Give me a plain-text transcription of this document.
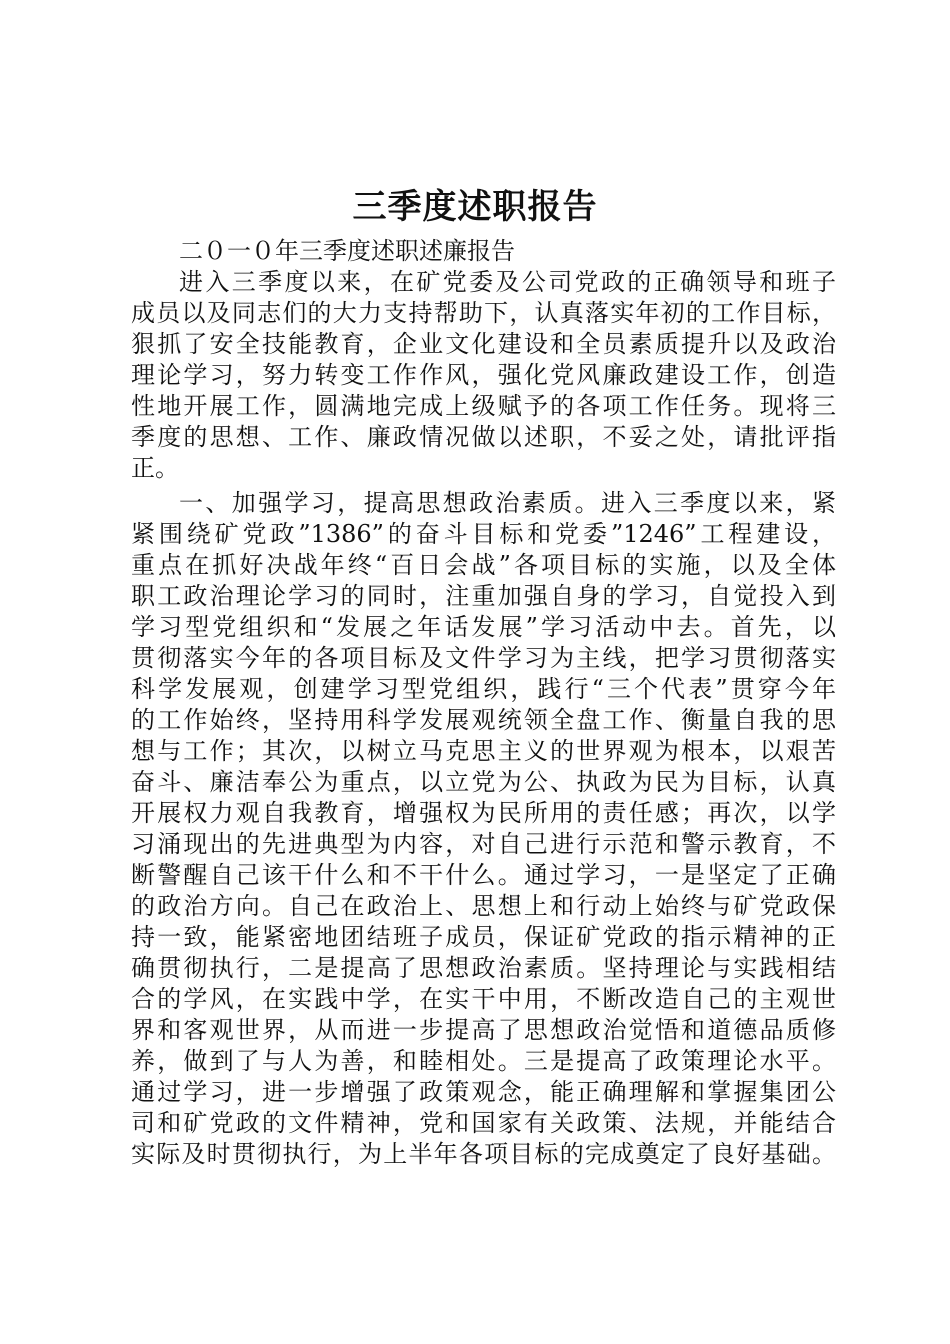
三季度述职报告
二０一０年三季度述职述廉报告
进入三季度以来，在矿党委及公司党政的正确领导和班子
成员以及同志们的大力支持帮助下，认真落实年初的工作目标，
狠抓了安全技能教育，企业文化建设和全员素质提升以及政治
理论学习，努力转变工作作风，强化党风廉政建设工作，创造
性地开展工作，圆满地完成上级赋予的各项工作任务。现将三
季度的思想、工作、廉政情况做以述职，不妥之处，请批评指
正。
一、加强学习，提高思想政治素质。进入三季度以来，紧
紧围绕矿党政”1386”的奋斗目标和党委”1246”工程建设，
重点在抓好决战年终“百日会战”各项目标的实施，以及全体
职工政治理论学习的同时，注重加强自身的学习，自觉投入到
学习型党组织和“发展之年话发展”学习活动中去。首先，以
贯彻落实今年的各项目标及文件学习为主线，把学习贯彻落实
科学发展观，创建学习型党组织，践行“三个代表”贯穿今年
的工作始终，坚持用科学发展观统领全盘工作、衡量自我的思
想与工作；其次，以树立马克思主义的世界观为根本，以艰苦
奋斗、廉洁奉公为重点，以立党为公、执政为民为目标，认真
开展权力观自我教育，增强权为民所用的责任感；再次，以学
习涌现出的先进典型为内容，对自己进行示范和警示教育，不
断警醒自己该干什么和不干什么。通过学习，一是坚定了正确
的政治方向。自己在政治上、思想上和行动上始终与矿党政保
持一致，能紧密地团结班子成员，保证矿党政的指示精神的正
确贯彻执行，二是提高了思想政治素质。坚持理论与实践相结
合的学风，在实践中学，在实干中用，不断改造自己的主观世
界和客观世界，从而进一步提高了思想政治觉悟和道德品质修
养，做到了与人为善，和睦相处。三是提高了政策理论水平。
通过学习，进一步增强了政策观念，能正确理解和掌握集团公
司和矿党政的文件精神，党和国家有关政策、法规，并能结合
实际及时贯彻执行，为上半年各项目标的完成奠定了良好基础。
